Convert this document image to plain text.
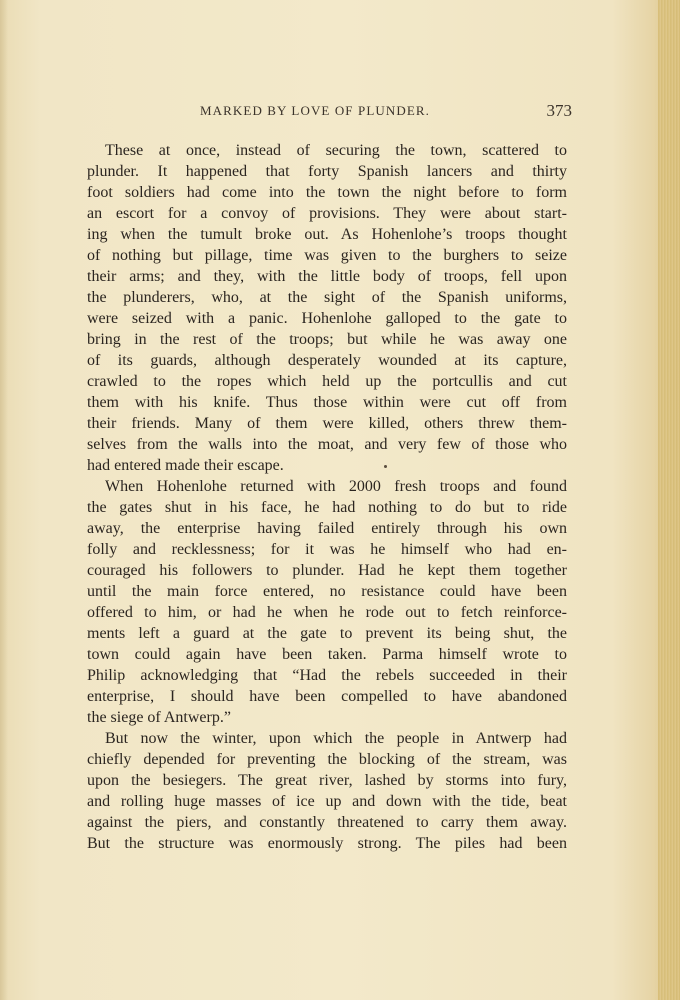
MARKED BY LOVE OF PLUNDER.	373
These at once, instead of securing the town, scattered to
plunder. It happened that forty Spanish lancers and thirty
foot soldiers had come into the town the night before to form
an escort for a convoy of provisions. They were about start-
ing when the tumult broke out. As Hohenlohe’s troops thought
of nothing but pillage, time was given to the burghers to seize
their arms; and they, with the little body of troops, fell upon
the plunderers, who, at the sight of the Spanish uniforms,
were seized with a panic. Hohenlohe galloped to the gate to
bring in the rest of the troops; but while he was away one
of its guards, although desperately wounded at its capture,
crawled to the ropes which held up the portcullis and cut
them with his knife. Thus those within were cut off from
their friends. Many of them were killed, others threw them-
selves from the walls into the moat, and very few of those who
had entered made their escape.
When Hohenlohe returned with 2000 fresh troops and found
the gates shut in his face, he had nothing to do but to ride
away, the enterprise having failed entirely through his own
folly and recklessness; for it was he himself who had en-
couraged his followers to plunder. Had he kept them together
until the main force entered, no resistance could have been
offered to him, or had he when he rode out to fetch reinforce-
ments left a guard at the gate to prevent its being shut, the
town could again have been taken. Parma himself wrote to
Philip acknowledging that “Had the rebels succeeded in their
enterprise, I should have been compelled to have abandoned
the siege of Antwerp.”
But now the winter, upon which the people in Antwerp had
chiefly depended for preventing the blocking of the stream, was
upon the besiegers. The great river, lashed by storms into fury,
and rolling huge masses of ice up and down with the tide, beat
against the piers, and constantly threatened to carry them away.
But the structure was enormously strong. The piles had been
